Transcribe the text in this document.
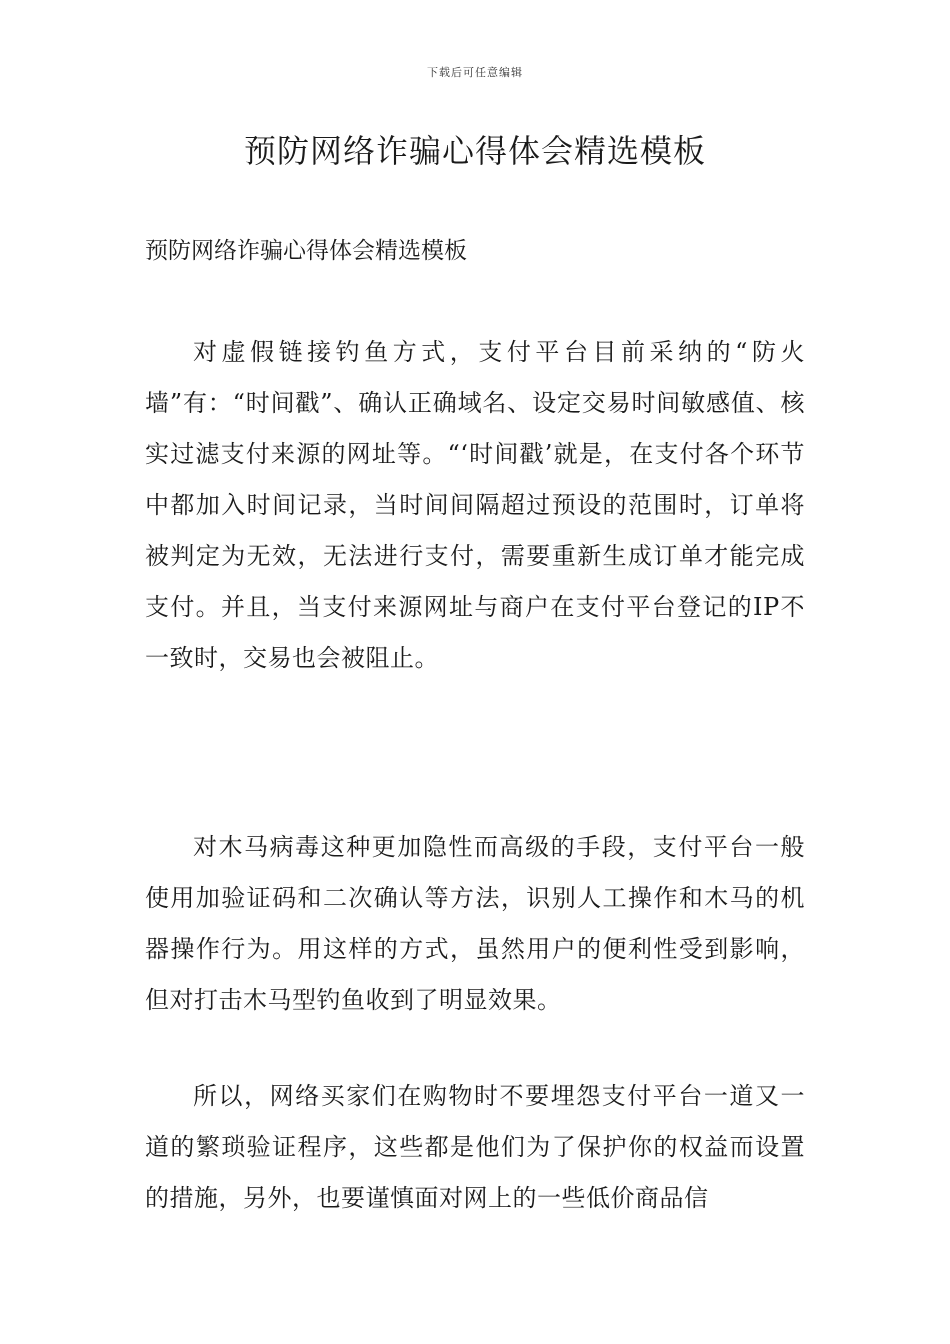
下载后可任意编辑
预防网络诈骗心得体会精选模板

预防网络诈骗心得体会精选模板

对虚假链接钓鱼方式，支付平台目前采纳的“防火墙”有：“时间戳”、确认正确域名、设定交易时间敏感值、核实过滤支付来源的网址等。“‘时间戳’就是，在支付各个环节中都加入时间记录，当时间间隔超过预设的范围时，订单将被判定为无效，无法进行支付，需要重新生成订单才能完成支付。并且，当支付来源网址与商户在支付平台登记的IP不一致时，交易也会被阻止。

对木马病毒这种更加隐性而高级的手段，支付平台一般使用加验证码和二次确认等方法，识别人工操作和木马的机器操作行为。用这样的方式，虽然用户的便利性受到影响，但对打击木马型钓鱼收到了明显效果。

所以，网络买家们在购物时不要埋怨支付平台一道又一道的繁琐验证程序，这些都是他们为了保护你的权益而设置的措施，另外，也要谨慎面对网上的一些低价商品信
